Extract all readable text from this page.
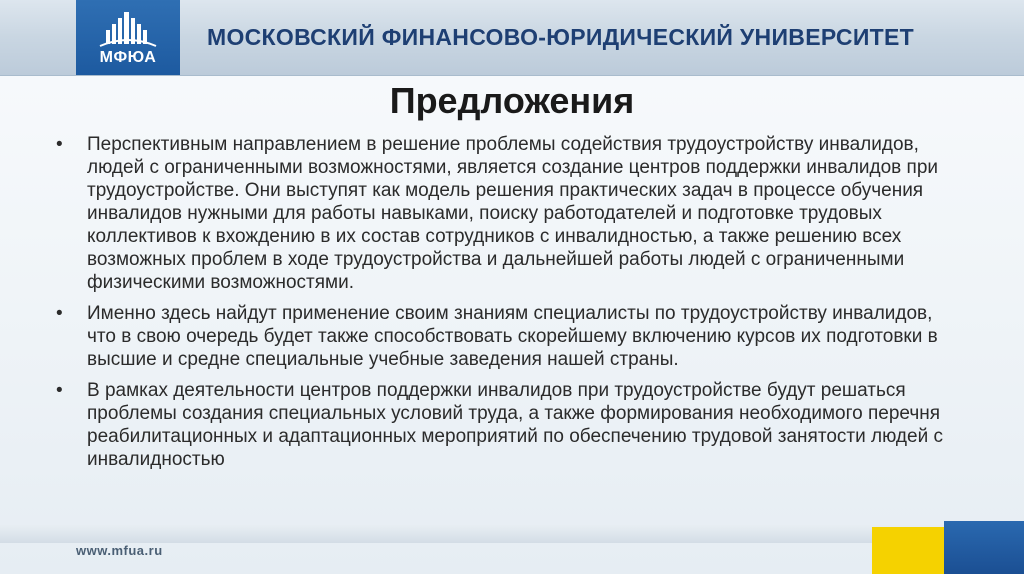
МФЮА
МОСКОВСКИЙ ФИНАНСОВО-ЮРИДИЧЕСКИЙ УНИВЕРСИТЕТ
Предложения
• Перспективным направлением в решение проблемы содействия трудоустройству инвалидов, людей с ограниченными возможностями, является создание центров поддержки инвалидов при трудоустройстве. Они выступят как модель решения практических задач в процессе обучения инвалидов нужными для работы навыками, поиску работодателей и подготовке трудовых коллективов к вхождению в их состав сотрудников с инвалидностью, а также решению всех возможных проблем в ходе трудоустройства и дальнейшей работы людей с ограниченными физическими возможностями.
• Именно здесь найдут применение своим знаниям специалисты по трудоустройству инвалидов, что в свою очередь будет также способствовать скорейшему включению курсов их подготовки в высшие и средне специальные учебные заведения нашей страны.
• В рамках деятельности центров поддержки инвалидов при трудоустройстве будут решаться проблемы создания специальных условий труда, а также формирования необходимого перечня реабилитационных и адаптационных мероприятий по обеспечению трудовой занятости людей с инвалидностью
www.mfua.ru
